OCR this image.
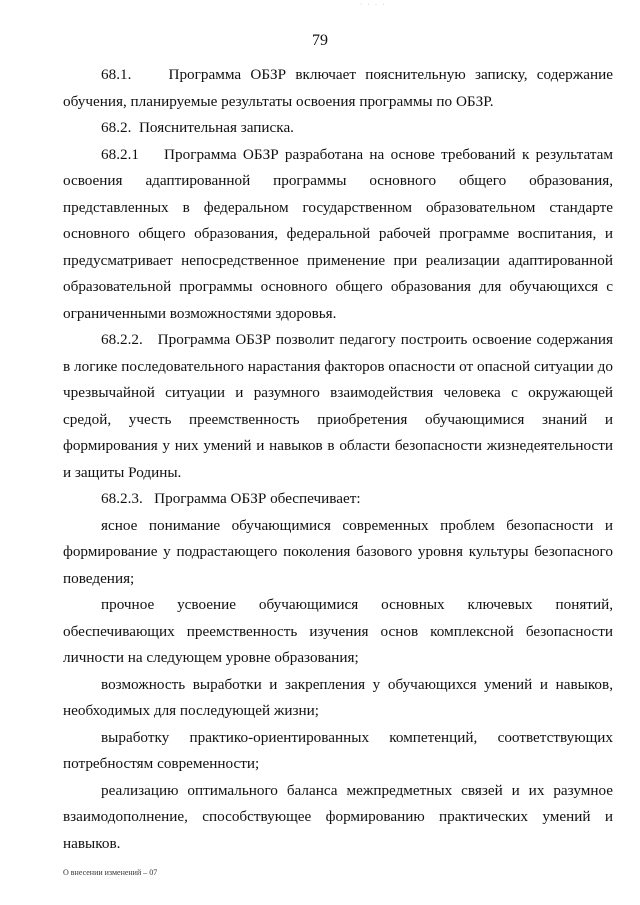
· · · ·
79

68.1.    Программа ОБЗР включает пояснительную записку, содержание обучения, планируемые результаты освоения программы по ОБЗР.

68.2.  Пояснительная записка.

68.2.1    Программа ОБЗР разработана на основе требований к результатам освоения адаптированной программы основного общего образования, представленных в федеральном государственном образовательном стандарте основного общего образования, федеральной рабочей программе воспитания, и предусматривает непосредственное применение при реализации адаптированной образовательной программы основного общего образования для обучающихся с ограниченными возможностями здоровья.

68.2.2.   Программа ОБЗР позволит педагогу построить освоение содержания в логике последовательного нарастания факторов опасности от опасной ситуации до чрезвычайной ситуации и разумного взаимодействия человека с окружающей средой, учесть преемственность приобретения обучающимися знаний и формирования у них умений и навыков в области безопасности жизнедеятельности и защиты Родины.

68.2.3.   Программа ОБЗР обеспечивает:

ясное понимание обучающимися современных проблем безопасности и формирование у подрастающего поколения базового уровня культуры безопасного поведения;

прочное усвоение обучающимися основных ключевых понятий, обеспечивающих преемственность изучения основ комплексной безопасности личности на следующем уровне образования;

возможность выработки и закрепления у обучающихся умений и навыков, необходимых для последующей жизни;

выработку практико-ориентированных компетенций, соответствующих потребностям современности;

реализацию оптимального баланса межпредметных связей и их разумное взаимодополнение, способствующее формированию практических умений и навыков.

О внесении изменений – 07
